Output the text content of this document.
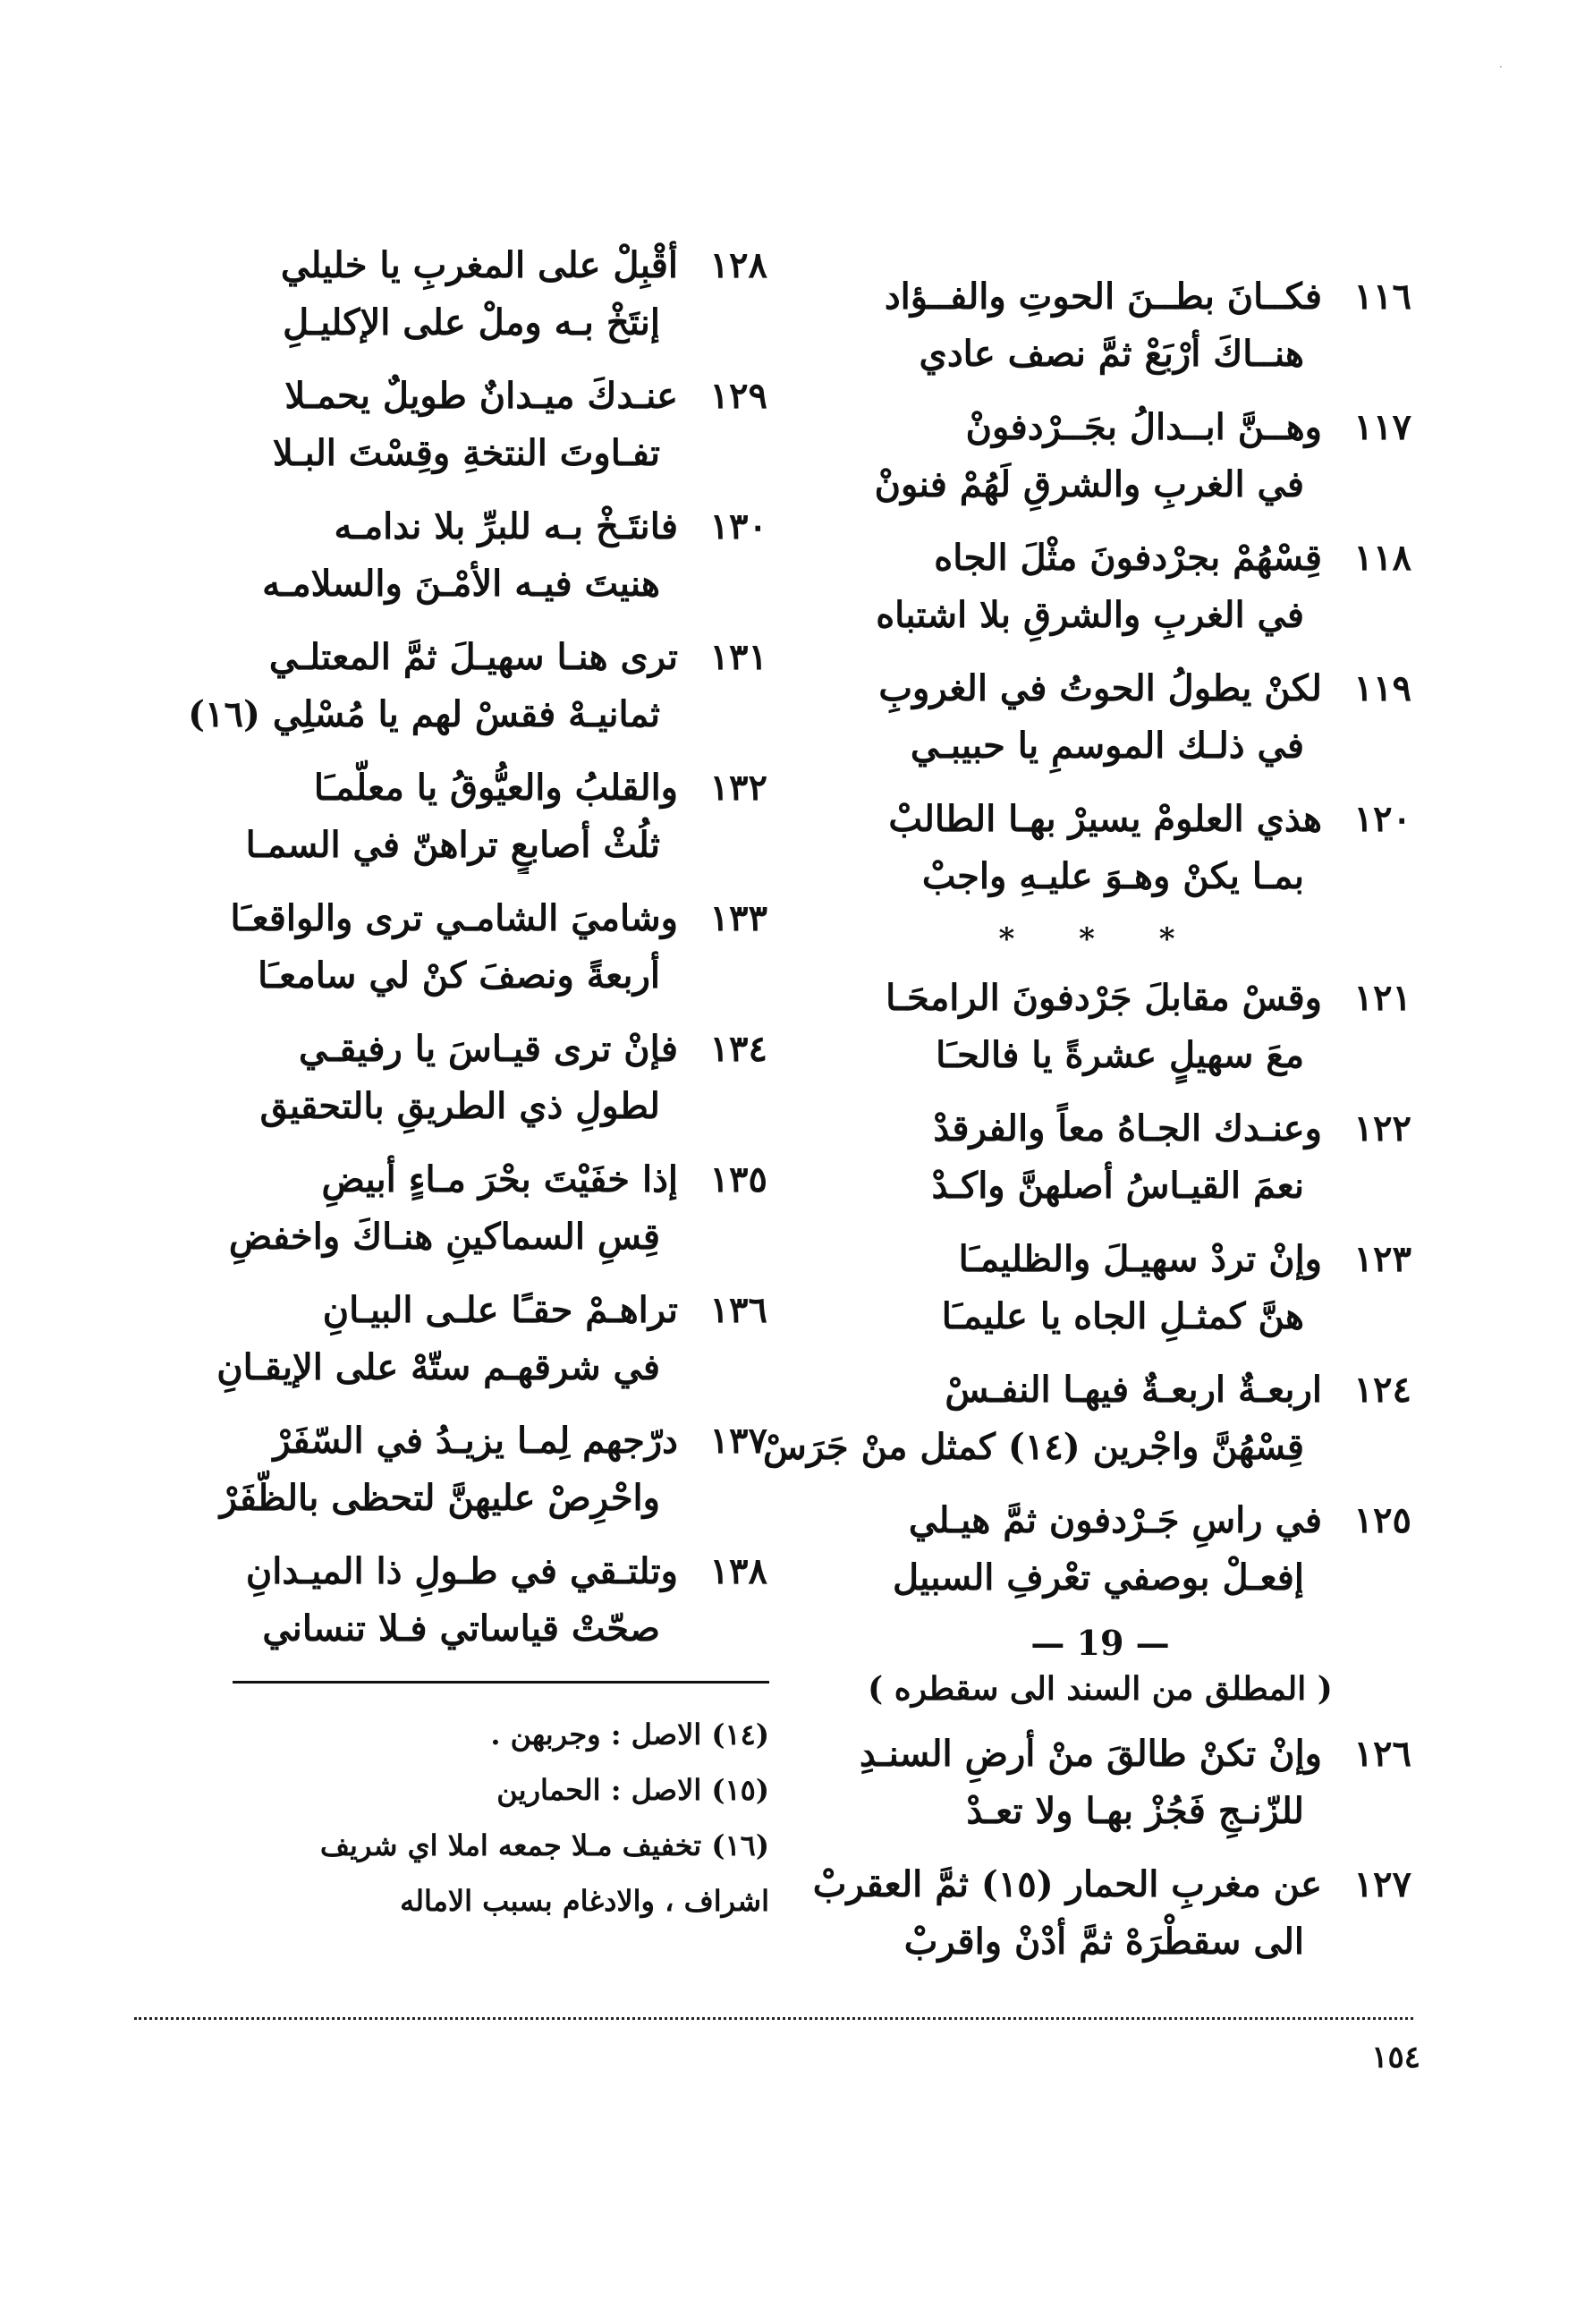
·
١١٦
فكــانَ بطــنَ الحوتِ والفــؤاد
هنــاكَ أرْبَعْ ثمَّ نصف عادي
١١٧
وهــنَّ ابــدالُ بجَــرْدفونْ
في الغربِ والشرقِ لَهُمْ فنونْ
١١٨
قِسْهُمْ بجرْدفونَ مثْلَ الجاه
في الغربِ والشرقِ بلا اشتباه
١١٩
لكنْ يطولُ الحوتُ في الغروبِ
في ذلـك الموسمِ يا حبيبـي
١٢٠
هذي العلومْ يسيرْ بهـا الطالبْ
بمـا يكنْ وهـوَ عليـهِ واجبْ
* * *
١٢١
وقسْ مقابلَ جَرْدفونَ الرامحَـا
معَ سهيلٍ عشرةً يا فالحـَا
١٢٢
وعنـدك الجـاهُ معاً والفرقدْ
نعمَ القيـاسُ أصلهنَّ واكـدْ
١٢٣
وإنْ تردْ سهيـلَ والظليمـَا
هنَّ كمثـلِ الجاه يا عليمـَا
١٢٤
اربعـةٌ اربعـةٌ فيهـا النفـسْ
قِسْهُنَّ واجْرين (١٤) كمثل منْ جَرَسْ
١٢٥
في راسِ جَـرْدفون ثمَّ هيـلي
إفعـلْ بوصفي تعْرفِ السبيل
— 19 —
( المطلق من السند الى سقطره )
١٢٦
وإنْ تكنْ طالقَ منْ أرضِ السنـدِ
للزّنـجِ فَجُزْ بهـا ولا تعـدْ
١٢٧
عن مغربِ الحمار (١٥) ثمَّ العقربْ
الى سقطْرَهْ ثمَّ أدْنْ واقربْ
١٢٨
أقْبِلْ على المغربِ يا خليلي
إنتَخْ بـه وملْ على الإكليـلِ
١٢٩
عنـدكَ ميـدانٌ طويلٌ يحمـلا
تفـاوتَ النتخةِ وقِسْتَ البـلا
١٣٠
فانتَـخْ بـه للبرِّ بلا ندامـه
هنيتَ فيـه الأمْـنَ والسلامـه
١٣١
ترى هنـا سهيـلَ ثمَّ المعتلـي
ثمانيـهْ فقسْ لهم يا مُسْلِي (١٦)
١٣٢
والقلبُ والعيُّوقُ يا معلّمـَا
ثلُثْ أصابعٍ تراهنّ في السمـا
١٣٣
وشاميَ الشامـي ترى والواقعـَا
أربعةً ونصفَ كنْ لي سامعـَا
١٣٤
فإنْ ترى قيـاسَ يا رفيقـي
لطولِ ذي الطريقِ بالتحقيق
١٣٥
إذا خفَيْتَ بحْرَ مـاءٍ أبيضِ
قِسِ السماكينِ هنـاكَ واخفضِ
١٣٦
تراهـمْ حقـًا علـى البيـانِ
في شرقهـم ستّهْ على الإيقـانِ
١٣٧
درّجهم لِمـا يزيـدُ في السّفَرْ
واحْرِصْ عليهنَّ لتحظى بالظّفَرْ
١٣٨
وتلتـقي في طـولِ ذا الميـدانِ
صحّتْ قياساتي فـلا تنساني
(١٤) الاصل : وجربهن .
(١٥) الاصل : الحمارين
(١٦) تخفيف مـلا جمعه املا اي شريف
اشراف ، والادغام بسبب الاماله
١٥٤
